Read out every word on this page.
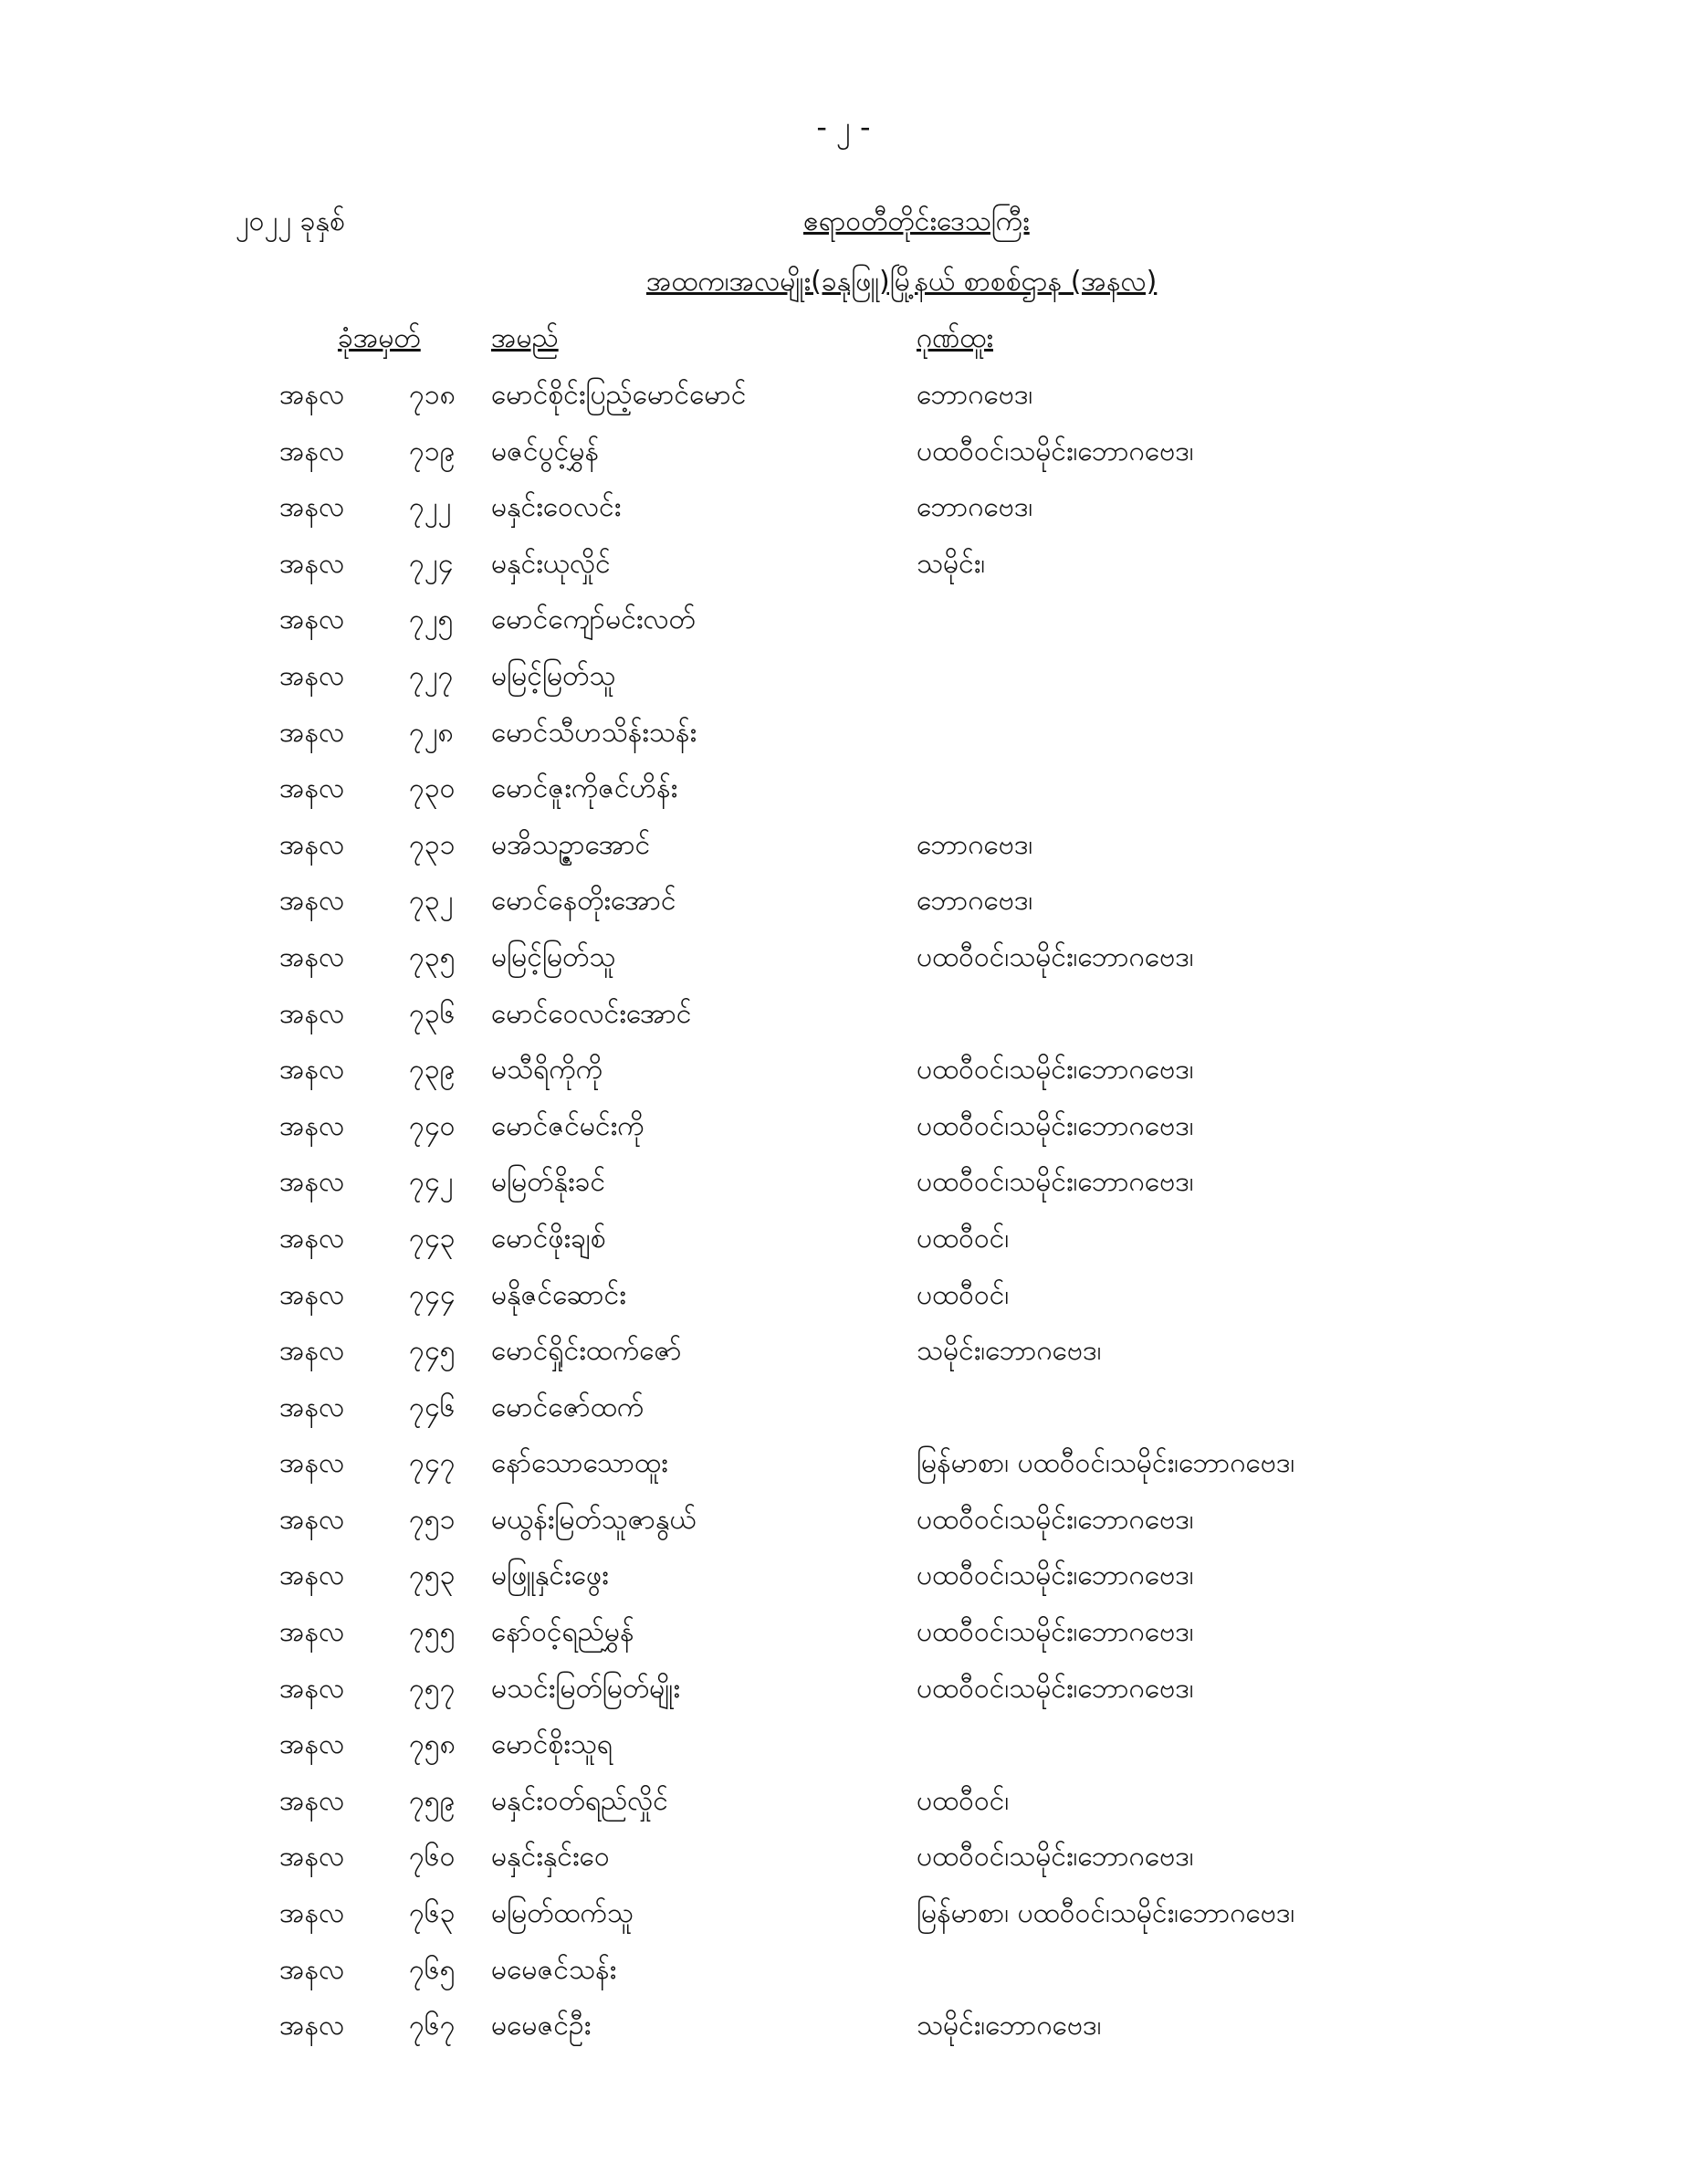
- ၂ -
၂၀၂၂ ခုနှစ်	ဧရာဝတီတိုင်းဒေသကြီး
အထက၊အလမျိုး(ခနုဖြူ)မြို့နယ် စာစစ်ဌာန (အနလ)
ခုံအမှတ်	အမည်	ဂုဏ်ထူး
အနလ ၇၁၈ မောင်စိုင်းပြည့်မောင်မောင်	ဘောဂဗေဒ၊
အနလ ၇၁၉ မဇင်ပွင့်မွှန်	ပထဝီဝင်၊သမိုင်း၊ဘောဂဗေဒ၊
အနလ ၇၂၂ မနှင်းဝေလင်း	ဘောဂဗေဒ၊
အနလ ၇၂၄ မနှင်းယုလှိုင်	သမိုင်း၊
အနလ ၇၂၅ မောင်ကျော်မင်းလတ်
အနလ ၇၂၇ မမြင့်မြတ်သူ
အနလ ၇၂၈ မောင်သီဟသိန်းသန်း
အနလ ၇၃၀ မောင်ဇူးကိုဇင်ဟိန်း
အနလ ၇၃၁ မအိသဉ္ဇာအောင်	ဘောဂဗေဒ၊
အနလ ၇၃၂ မောင်နေတိုးအောင်	ဘောဂဗေဒ၊
အနလ ၇၃၅ မမြင့်မြတ်သူ	ပထဝီဝင်၊သမိုင်း၊ဘောဂဗေဒ၊
အနလ ၇၃၆ မောင်ဝေလင်းအောင်
အနလ ၇၃၉ မသီရိကိုကို	ပထဝီဝင်၊သမိုင်း၊ဘောဂဗေဒ၊
အနလ ၇၄၀ မောင်ဇင်မင်းကို	ပထဝီဝင်၊သမိုင်း၊ဘောဂဗေဒ၊
အနလ ၇၄၂ မမြတ်နိုးခင်	ပထဝီဝင်၊သမိုင်း၊ဘောဂဗေဒ၊
အနလ ၇၄၃ မောင်ဖိုးချစ်	ပထဝီဝင်၊
အနလ ၇၄၄ မနိုဇင်ဆောင်း	ပထဝီဝင်၊
အနလ ၇၄၅ မောင်ရှိုင်းထက်ဇော်	သမိုင်း၊ဘောဂဗေဒ၊
အနလ ၇၄၆ မောင်ဇော်ထက်
အနလ ၇၄၇ နော်သောသောထူး	မြန်မာစာ၊ ပထဝီဝင်၊သမိုင်း၊ဘောဂဗေဒ၊
အနလ ၇၅၁ မယွန်းမြတ်သူဇာနွယ်	ပထဝီဝင်၊သမိုင်း၊ဘောဂဗေဒ၊
အနလ ၇၅၃ မဖြူနှင်းဖွေး	ပထဝီဝင်၊သမိုင်း၊ဘောဂဗေဒ၊
အနလ ၇၅၅ နော်ဝင့်ရည်မွှန်	ပထဝီဝင်၊သမိုင်း၊ဘောဂဗေဒ၊
အနလ ၇၅၇ မသင်းမြတ်မြတ်မျိုး	ပထဝီဝင်၊သမိုင်း၊ဘောဂဗေဒ၊
အနလ ၇၅၈ မောင်စိုးသူရ
အနလ ၇၅၉ မနှင်းဝတ်ရည်လှိုင်	ပထဝီဝင်၊
အနလ ၇၆၀ မနှင်းနှင်းဝေ	ပထဝီဝင်၊သမိုင်း၊ဘောဂဗေဒ၊
အနလ ၇၆၃ မမြတ်ထက်သူ	မြန်မာစာ၊ ပထဝီဝင်၊သမိုင်း၊ဘောဂဗေဒ၊
အနလ ၇၆၅ မမေဇင်သန်း
အနလ ၇၆၇ မမေဇင်ဦး	သမိုင်း၊ဘောဂဗေဒ၊
